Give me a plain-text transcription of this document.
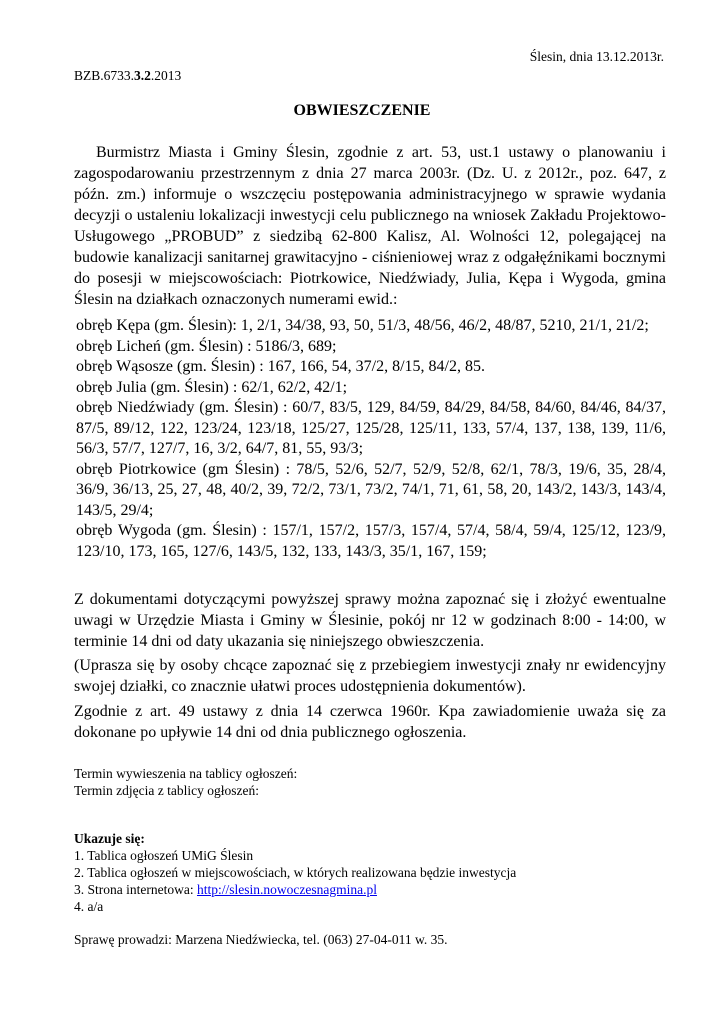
Ślesin, dnia 13.12.2013r.
BZB.6733.3.2.2013
OBWIESZCZENIE
Burmistrz Miasta i Gminy Ślesin, zgodnie z art. 53, ust.1 ustawy o planowaniu i zagospodarowaniu przestrzennym z dnia 27 marca 2003r. (Dz. U. z 2012r., poz. 647, z późn. zm.) informuje o wszczęciu postępowania administracyjnego w sprawie wydania decyzji o ustaleniu lokalizacji inwestycji celu publicznego na wniosek Zakładu Projektowo-Usługowego „PROBUD” z siedzibą 62-800 Kalisz, Al. Wolności 12, polegającej na budowie kanalizacji sanitarnej grawitacyjno - ciśnieniowej wraz z odgałęźnikami bocznymi do posesji w miejscowościach: Piotrkowice, Niedźwiady, Julia, Kępa i Wygoda, gmina Ślesin na działkach oznaczonych numerami ewid.:
obręb Kępa (gm. Ślesin): 1, 2/1, 34/38, 93, 50, 51/3, 48/56, 46/2, 48/87, 5210, 21/1, 21/2;
obręb Licheń (gm. Ślesin) : 5186/3, 689;
obręb Wąsosze (gm. Ślesin) : 167, 166, 54, 37/2, 8/15, 84/2, 85.
obręb Julia (gm. Ślesin) : 62/1, 62/2, 42/1;
obręb Niedźwiady (gm. Ślesin) : 60/7, 83/5, 129, 84/59, 84/29, 84/58, 84/60, 84/46, 84/37, 87/5, 89/12, 122, 123/24, 123/18, 125/27, 125/28, 125/11, 133, 57/4, 137, 138, 139, 11/6, 56/3, 57/7, 127/7, 16, 3/2, 64/7, 81, 55, 93/3;
obręb Piotrkowice (gm Ślesin) : 78/5, 52/6, 52/7, 52/9, 52/8, 62/1, 78/3, 19/6, 35, 28/4, 36/9, 36/13, 25, 27, 48, 40/2, 39, 72/2, 73/1, 73/2, 74/1, 71, 61, 58, 20, 143/2, 143/3, 143/4, 143/5, 29/4;
obręb Wygoda (gm. Ślesin) : 157/1, 157/2, 157/3, 157/4, 57/4, 58/4, 59/4, 125/12, 123/9, 123/10, 173, 165, 127/6, 143/5, 132, 133, 143/3, 35/1, 167, 159;
Z dokumentami dotyczącymi powyższej sprawy można zapoznać się i złożyć ewentualne uwagi w Urzędzie Miasta i Gminy w Ślesinie, pokój nr 12 w godzinach 8:00 - 14:00, w terminie 14 dni od daty ukazania się niniejszego obwieszczenia.
(Uprasza się by osoby chcące zapoznać się z przebiegiem inwestycji znały nr ewidencyjny swojej działki, co znacznie ułatwi proces udostępnienia dokumentów).
Zgodnie z art. 49 ustawy z dnia 14 czerwca 1960r. Kpa zawiadomienie uważa się za dokonane po upływie 14 dni od dnia publicznego ogłoszenia.
Termin wywieszenia na tablicy ogłoszeń:
Termin zdjęcia z tablicy ogłoszeń:
Ukazuje się:
1. Tablica ogłoszeń UMiG Ślesin
2. Tablica ogłoszeń w miejscowościach, w których realizowana będzie inwestycja
3. Strona internetowa: http://slesin.nowoczesnagmina.pl
4. a/a
Sprawę prowadzi: Marzena Niedźwiecka, tel. (063) 27-04-011 w. 35.
